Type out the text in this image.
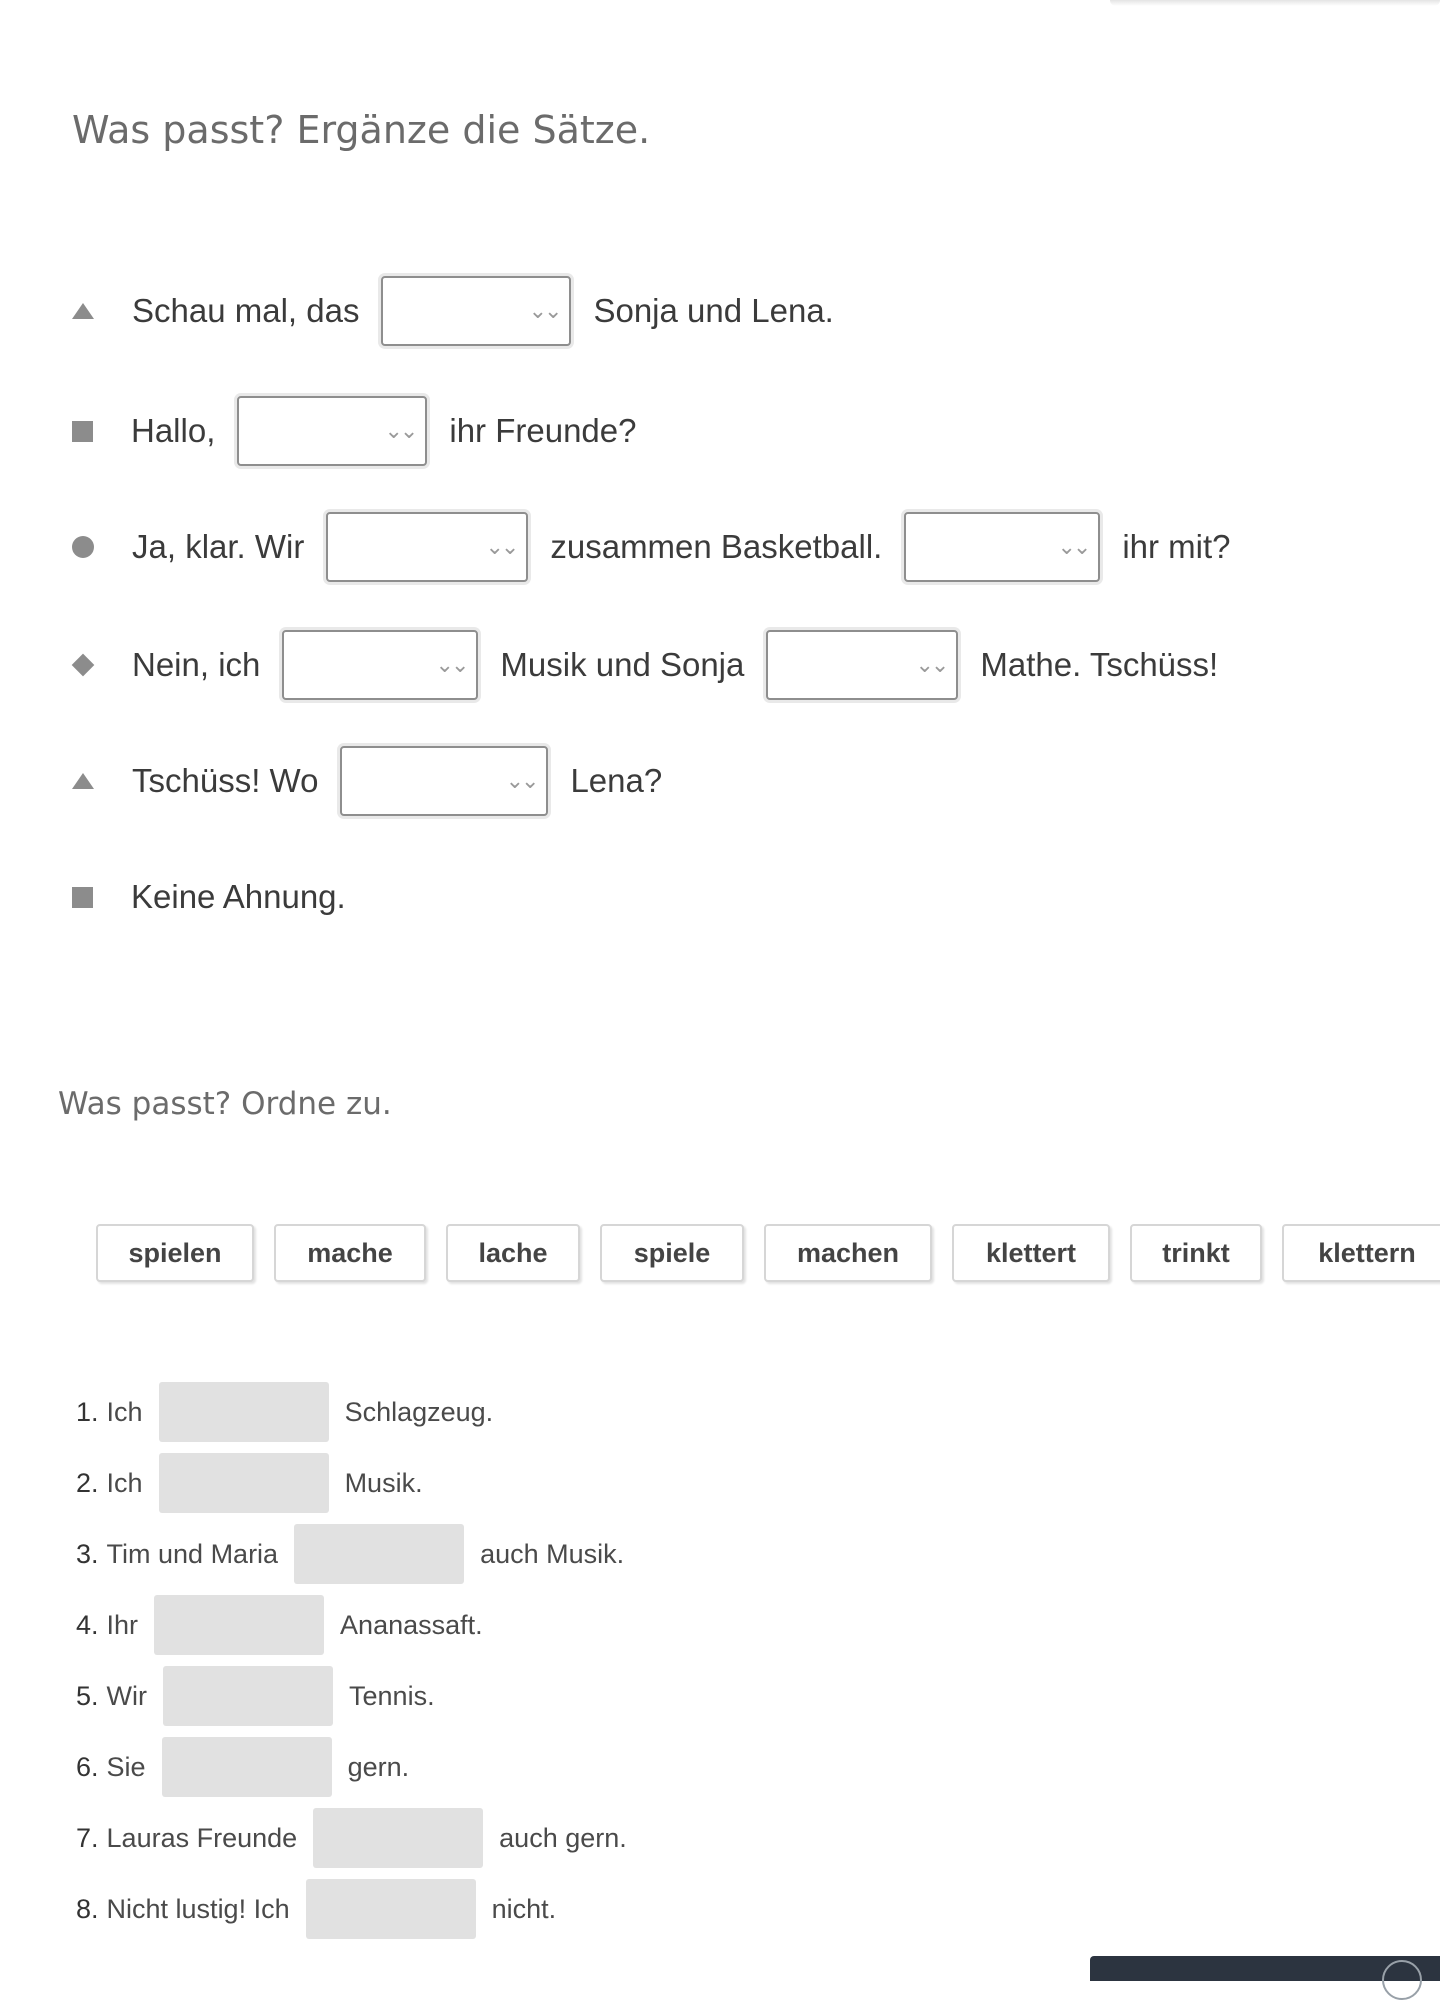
Was passt? Ergänze die Sätze.
Schau mal, das	⌄⌄ Sonja und Lena.
Hallo,	⌄⌄ ihr Freunde?
Ja, klar. Wir	⌄⌄ zusammen Basketball.	⌄⌄ ihr mit?
Nein, ich	⌄⌄ Musik und Sonja	⌄⌄ Mathe. Tschüss!
Tschüss! Wo	⌄⌄ Lena?
Keine Ahnung.
Was passt? Ordne zu.
spielen	mache	lache	spiele	machen	klettert	trinkt	klettern
1. Ich	Schlagzeug.
2. Ich	Musik.
3. Tim und Maria	auch Musik.
4. Ihr	Ananassaft.
5. Wir	Tennis.
6. Sie	gern.
7. Lauras Freunde	auch gern.
8. Nicht lustig! Ich	nicht.
